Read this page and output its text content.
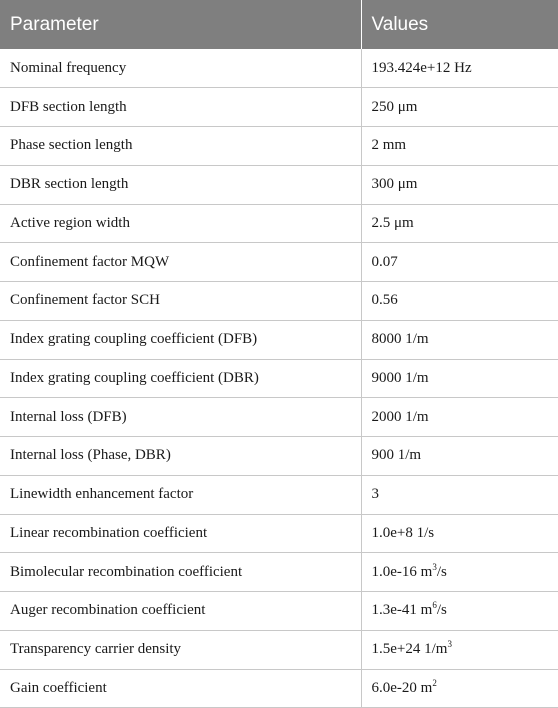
Parameter	Values
Nominal frequency	193.424e+12 Hz
DFB section length	250 μm
Phase section length	2 mm
DBR section length	300 μm
Active region width	2.5 μm
Confinement factor MQW	0.07
Confinement factor SCH	0.56
Index grating coupling coefficient (DFB)	8000 1/m
Index grating coupling coefficient (DBR)	9000 1/m
Internal loss (DFB)	2000 1/m
Internal loss (Phase, DBR)	900 1/m
Linewidth enhancement factor	3
Linear recombination coefficient	1.0e+8 1/s
Bimolecular recombination coefficient	1.0e-16 $m^3/s$
Auger recombination coefficient	1.3e-41 $m^6/s$
Transparency carrier density	1.5e+24 $1/m^3$
Gain coefficient	6.0e-20 $m^2$
